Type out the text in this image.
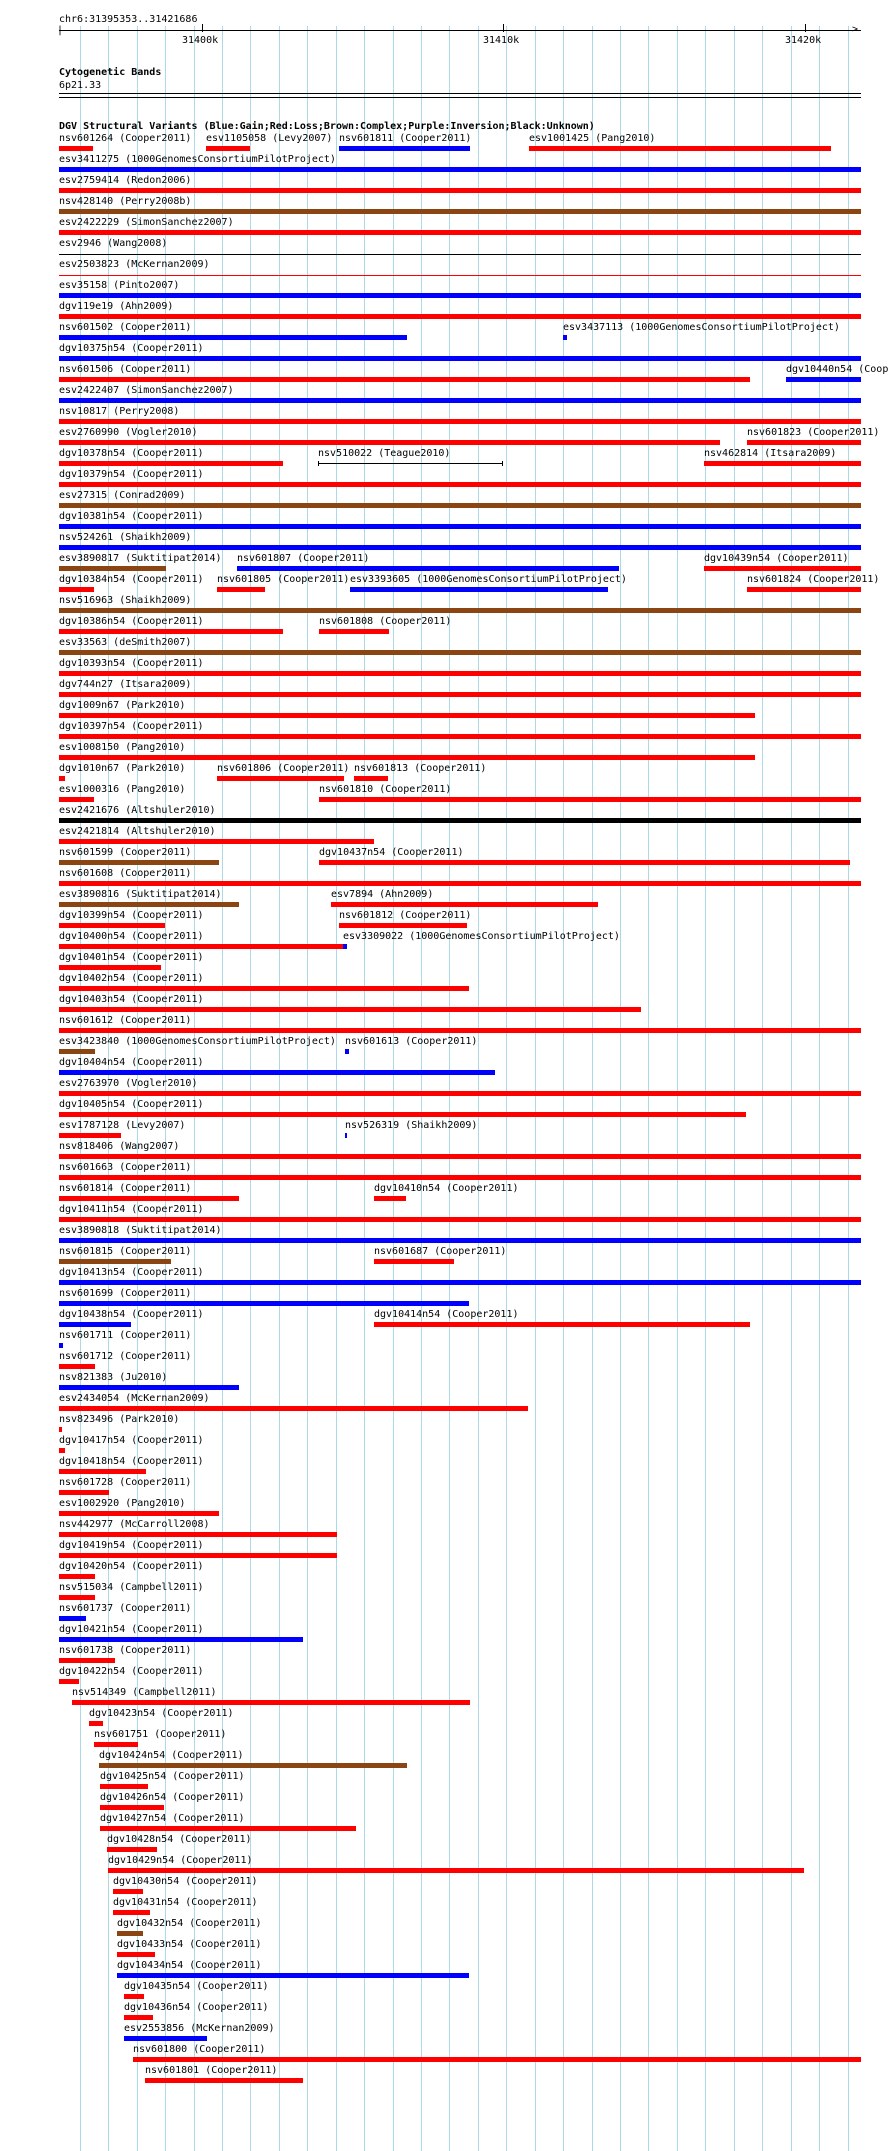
chr6:31395353..31421686
|	>
31400k	31410k	31420k
Cytogenetic Bands
6p21.33
DGV Structural Variants (Blue:Gain;Red:Loss;Brown:Complex;Purple:Inversion;Black:Unknown)
nsv601264 (Cooper2011) esv1105058 (Levy2007) nsv601811 (Cooper2011)	esv1001425 (Pang2010)
esv3411275 (1000GenomesConsortiumPilotProject)
esv2759414 (Redon2006)
nsv428140 (Perry2008b)
esv2422229 (SimonSanchez2007)
esv2946 (Wang2008)
esv2503823 (McKernan2009)
esv35158 (Pinto2007)
dgv119e19 (Ahn2009)
nsv601502 (Cooper2011)	esv3437113 (1000GenomesConsortiumPilotProject)
dgv10375n54 (Cooper2011)
nsv601506 (Cooper2011)	dgv10440n54 (Coop
esv2422407 (SimonSanchez2007)
nsv10817 (Perry2008)
esv2760990 (Vogler2010)	nsv601823 (Cooper2011)
dgv10378n54 (Cooper2011)	nsv510022 (Teague2010)	nsv462814 (Itsara2009)
dgv10379n54 (Cooper2011)
esv27315 (Conrad2009)
dgv10381n54 (Cooper2011)
nsv524261 (Shaikh2009)
esv3890817 (Suktitipat2014) nsv601807 (Cooper2011)	dgv10439n54 (Cooper2011)
dgv10384n54 (Cooper2011) nsv601805 (Cooper2011) esv3393605 (1000GenomesConsortiumPilotProject)	nsv601824 (Cooper2011)
nsv516963 (Shaikh2009)
dgv10386n54 (Cooper2011)	nsv601808 (Cooper2011)
esv33563 (deSmith2007)
dgv10393n54 (Cooper2011)
dgv744n27 (Itsara2009)
dgv1009n67 (Park2010)
dgv10397n54 (Cooper2011)
esv1008150 (Pang2010)
dgv1010n67 (Park2010)	nsv601806 (Cooper2011) nsv601813 (Cooper2011)
esv1000316 (Pang2010)	nsv601810 (Cooper2011)
esv2421676 (Altshuler2010)
esv2421814 (Altshuler2010)
nsv601599 (Cooper2011)	dgv10437n54 (Cooper2011)
nsv601608 (Cooper2011)
esv3890816 (Suktitipat2014)	esv7894 (Ahn2009)
dgv10399n54 (Cooper2011)	nsv601812 (Cooper2011)
dgv10400n54 (Cooper2011)	esv3309022 (1000GenomesConsortiumPilotProject)
dgv10401n54 (Cooper2011)
dgv10402n54 (Cooper2011)
dgv10403n54 (Cooper2011)
nsv601612 (Cooper2011)
esv3423840 (1000GenomesConsortiumPilotProject) nsv601613 (Cooper2011)
dgv10404n54 (Cooper2011)
esv2763970 (Vogler2010)
dgv10405n54 (Cooper2011)
esv1787128 (Levy2007)	nsv526319 (Shaikh2009)
nsv818406 (Wang2007)
nsv601663 (Cooper2011)
nsv601814 (Cooper2011)	dgv10410n54 (Cooper2011)
dgv10411n54 (Cooper2011)
esv3890818 (Suktitipat2014)
nsv601815 (Cooper2011)	nsv601687 (Cooper2011)
dgv10413n54 (Cooper2011)
nsv601699 (Cooper2011)
dgv10438n54 (Cooper2011)	dgv10414n54 (Cooper2011)
nsv601711 (Cooper2011)
nsv601712 (Cooper2011)
nsv821383 (Ju2010)
esv2434054 (McKernan2009)
nsv823496 (Park2010)
dgv10417n54 (Cooper2011)
dgv10418n54 (Cooper2011)
nsv601728 (Cooper2011)
esv1002920 (Pang2010)
nsv442977 (McCarroll2008)
dgv10419n54 (Cooper2011)
dgv10420n54 (Cooper2011)
nsv515034 (Campbell2011)
nsv601737 (Cooper2011)
dgv10421n54 (Cooper2011)
nsv601738 (Cooper2011)
dgv10422n54 (Cooper2011)
nsv514349 (Campbell2011)
dgv10423n54 (Cooper2011)
nsv601751 (Cooper2011)
dgv10424n54 (Cooper2011)
dgv10425n54 (Cooper2011)
dgv10426n54 (Cooper2011)
dgv10427n54 (Cooper2011)
dgv10428n54 (Cooper2011)
dgv10429n54 (Cooper2011)
dgv10430n54 (Cooper2011)
dgv10431n54 (Cooper2011)
dgv10432n54 (Cooper2011)
dgv10433n54 (Cooper2011)
dgv10434n54 (Cooper2011)
dgv10435n54 (Cooper2011)
dgv10436n54 (Cooper2011)
esv2553856 (McKernan2009)
nsv601800 (Cooper2011)
nsv601801 (Cooper2011)
